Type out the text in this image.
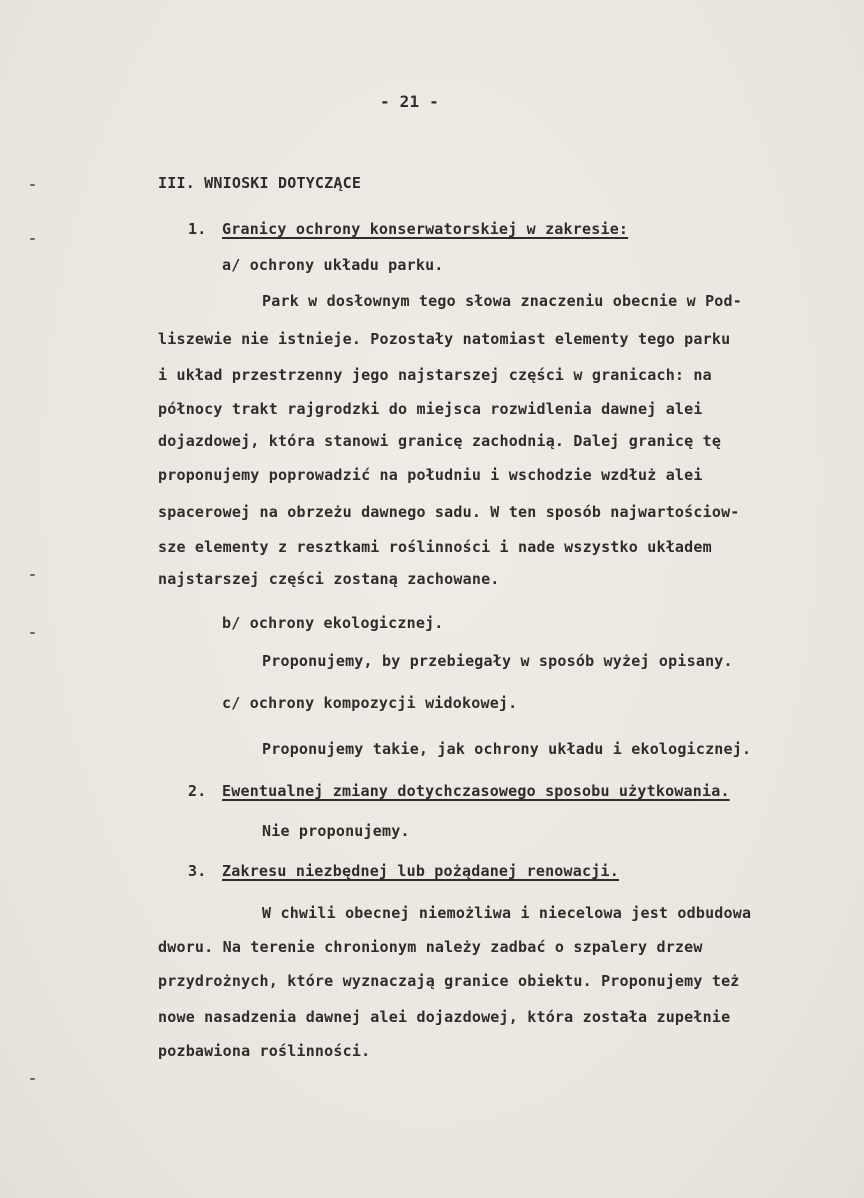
- 21 -
III. WNIOSKI DOTYCZĄCE
1. Granicy ochrony konserwatorskiej w zakresie:
a/ ochrony układu parku.
Park w dosłownym tego słowa znaczeniu obecnie w Pod-
liszewie nie istnieje. Pozostały natomiast elementy tego parku
i układ przestrzenny jego najstarszej części w granicach: na
północy trakt rajgrodzki do miejsca rozwidlenia dawnej alei
dojazdowej, która stanowi granicę zachodnią. Dalej granicę tę
proponujemy poprowadzić na południu i wschodzie wzdłuż alei
spacerowej na obrzeżu dawnego sadu. W ten sposób najwartościow-
sze elementy z resztkami roślinności i nade wszystko układem
najstarszej części zostaną zachowane.
b/ ochrony ekologicznej.
Proponujemy, by przebiegały w sposób wyżej opisany.
c/ ochrony kompozycji widokowej.
Proponujemy takie, jak ochrony układu i ekologicznej.
2. Ewentualnej zmiany dotychczasowego sposobu użytkowania.
Nie proponujemy.
3. Zakresu niezbędnej lub pożądanej renowacji.
W chwili obecnej niemożliwa i niecelowa jest odbudowa
dworu. Na terenie chronionym należy zadbać o szpalery drzew
przydrożnych, które wyznaczają granice obiektu. Proponujemy też
nowe nasadzenia dawnej alei dojazdowej, która została zupełnie
pozbawiona roślinności.
